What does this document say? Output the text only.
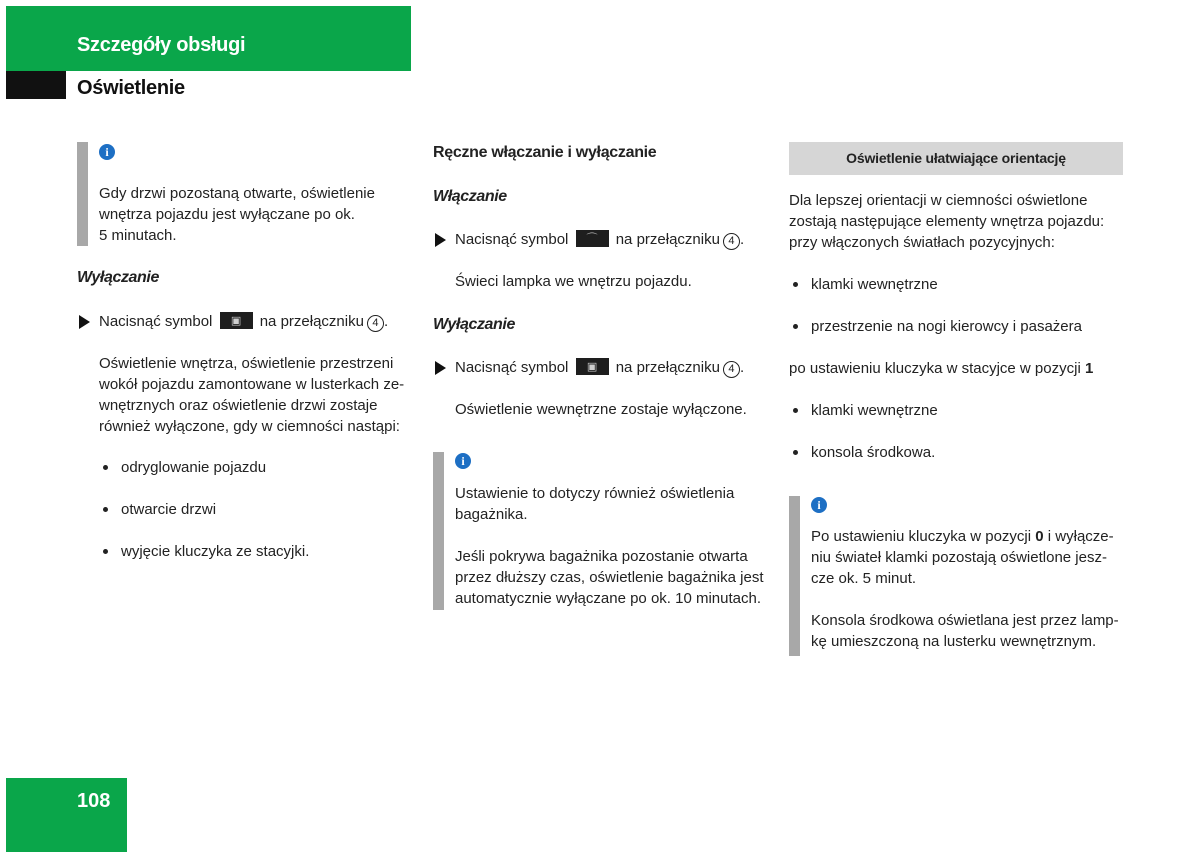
Szczegóły obsługi
Oświetlenie
i

Gdy drzwi pozostaną otwarte, oświetlenie

wnętrza pojazdu jest wyłączane po ok.

5 minutach.

Wyłączanie

Nacisnąć symbol	▣	na przełączniku 4 .

Oświetlenie wnętrza, oświetlenie przestrzeni

wokół pojazdu zamontowane w lusterkach ze-

wnętrznych oraz oświetlenie drzwi zostaje

również wyłączone, gdy w ciemności nastąpi:

odryglowanie pojazdu

otwarcie drzwi

wyjęcie kluczyka ze stacyjki.

Ręczne włączanie i wyłączanie

Włączanie

Nacisnąć symbol	⌒	na przełączniku 4 .

Świeci lampka we wnętrzu pojazdu.

Wyłączanie

Nacisnąć symbol	▣	na przełączniku 4 .

Oświetlenie wewnętrzne zostaje wyłączone.

i

Ustawienie to dotyczy również oświetlenia

bagażnika.

Jeśli pokrywa bagażnika pozostanie otwarta

przez dłuższy czas, oświetlenie bagażnika jest

automatycznie wyłączane po ok. 10 minutach.

Oświetlenie ułatwiające orientację

Dla lepszej orientacji w ciemności oświetlone

zostają następujące elementy wnętrza pojazdu:

przy włączonych światłach pozycyjnych:

klamki wewnętrzne

przestrzenie na nogi kierowcy i pasażera

po ustawieniu kluczyka w stacyjce w pozycji 1

klamki wewnętrzne

konsola środkowa.

i

Po ustawieniu kluczyka w pozycji 0 i wyłącze-

niu świateł klamki pozostają oświetlone jesz-

cze ok. 5 minut.

Konsola środkowa oświetlana jest przez lamp-

kę umieszczoną na lusterku wewnętrznym.

108
